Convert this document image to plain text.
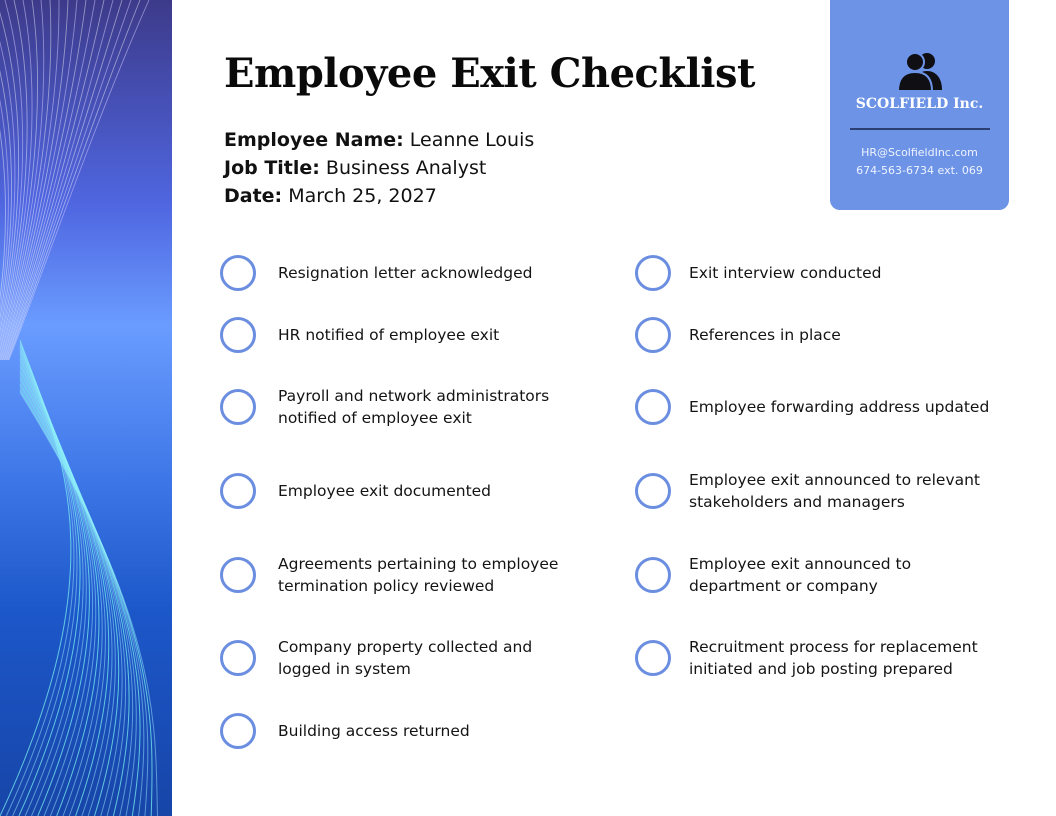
Employee Exit Checklist
Employee Name: Leanne Louis
Job Title: Business Analyst
Date: March 25, 2027
SCOLFIELD Inc.
HR@ScolfieldInc.com
674-563-6734 ext. 069
Resignation letter acknowledged
HR notified of employee exit
Payroll and network administrators notified of employee exit
Employee exit documented
Agreements pertaining to employee termination policy reviewed
Company property collected and logged in system
Building access returned
Exit interview conducted
References in place
Employee forwarding address updated
Employee exit announced to relevant stakeholders and managers
Employee exit announced to department or company
Recruitment process for replacement initiated and job posting prepared
